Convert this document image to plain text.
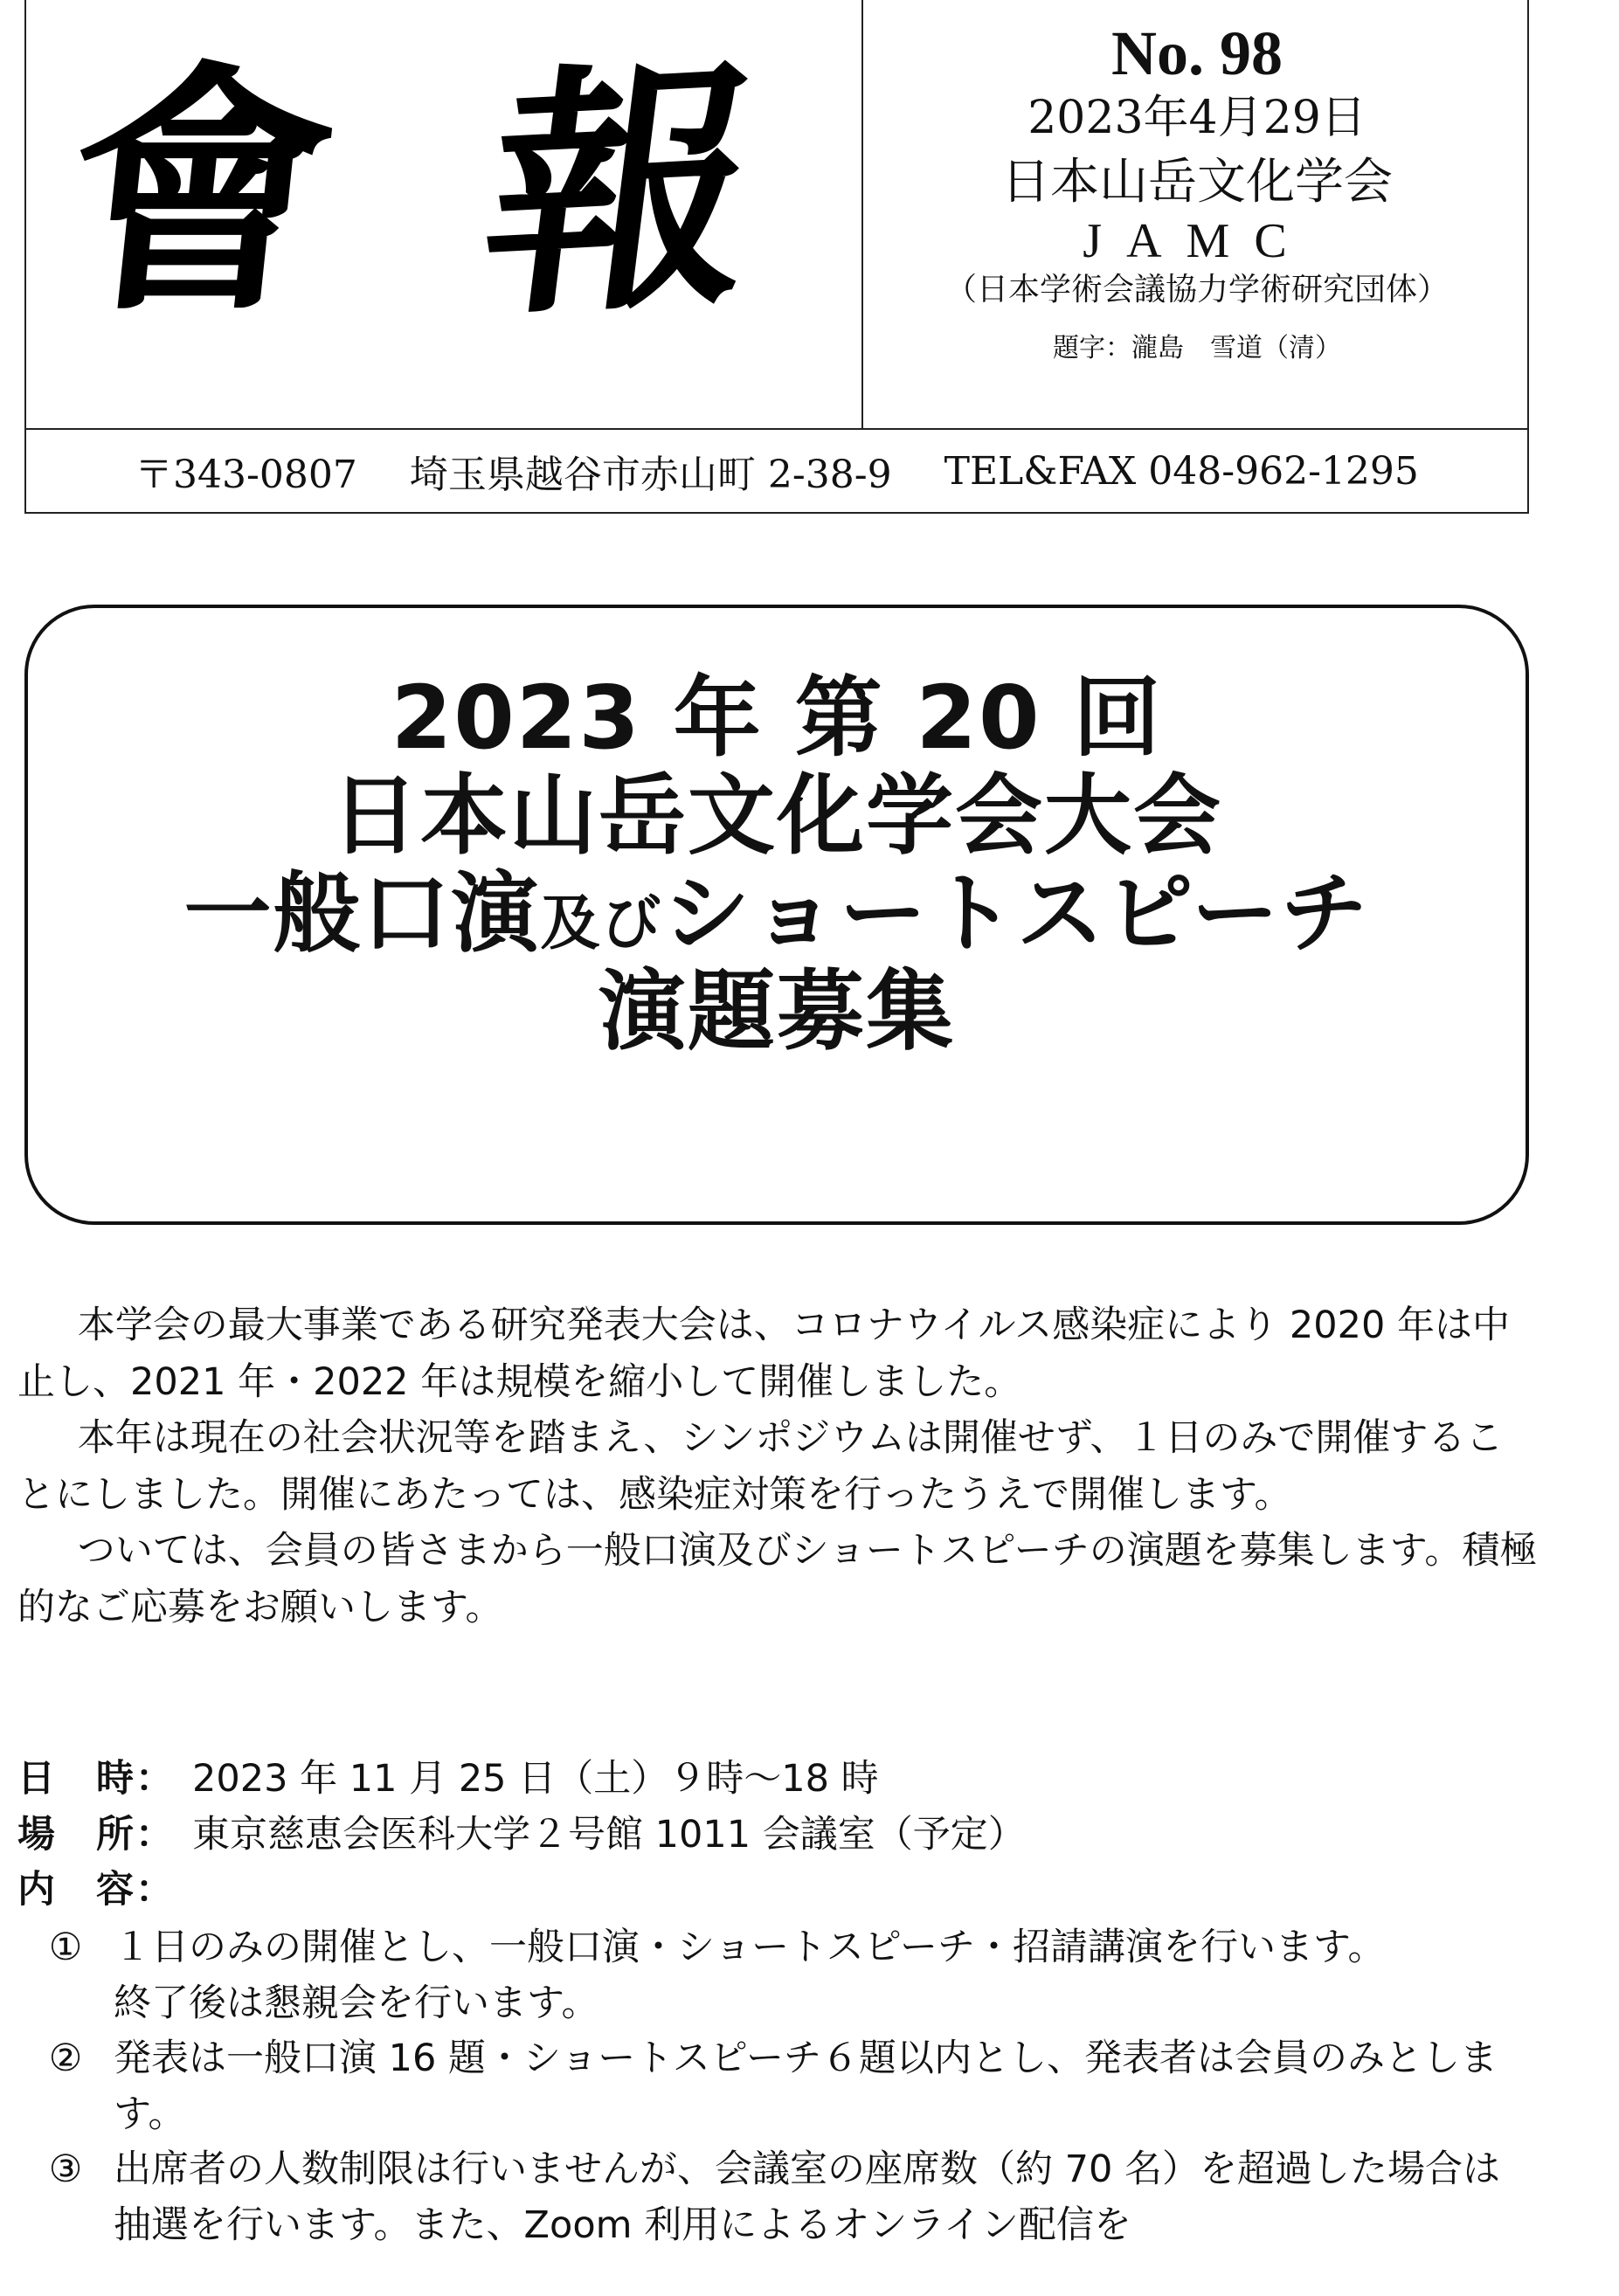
會 報	No. 98
2023年4月29日
日本山岳文化学会
JAMC
（日本学術会議協力学術研究団体）
題字：瀧島　雪道（清）
〒343-0807 埼玉県越谷市赤山町 2-38-9 TEL&FAX 048-962-1295
2023 年 第 20 回
日本山岳文化学会大会
一般口演及びショートスピーチ
演題募集

本学会の最大事業である研究発表大会は、コロナウイルス感染症により 2020 年は中止し、2021 年・2022 年は規模を縮小して開催しました。

本年は現在の社会状況等を踏まえ、シンポジウムは開催せず、１日のみで開催することにしました。開催にあたっては、感染症対策を行ったうえで開催します。

ついては、会員の皆さまから一般口演及びショートスピーチの演題を募集します。積極的なご応募をお願いします。

日　時： 2023 年 11 月 25 日（土）９時～18 時
場　所： 東京慈恵会医科大学２号館 1011 会議室（予定）
内　容：
① １日のみの開催とし、一般口演・ショートスピーチ・招請講演を行います。
終了後は懇親会を行います。
② 発表は一般口演 16 題・ショートスピーチ６題以内とし、発表者は会員のみとします。
③ 出席者の人数制限は行いませんが、会議室の座席数（約 70 名）を超過した場合は抽選を行います。また、Zoom 利用によるオンライン配信を
